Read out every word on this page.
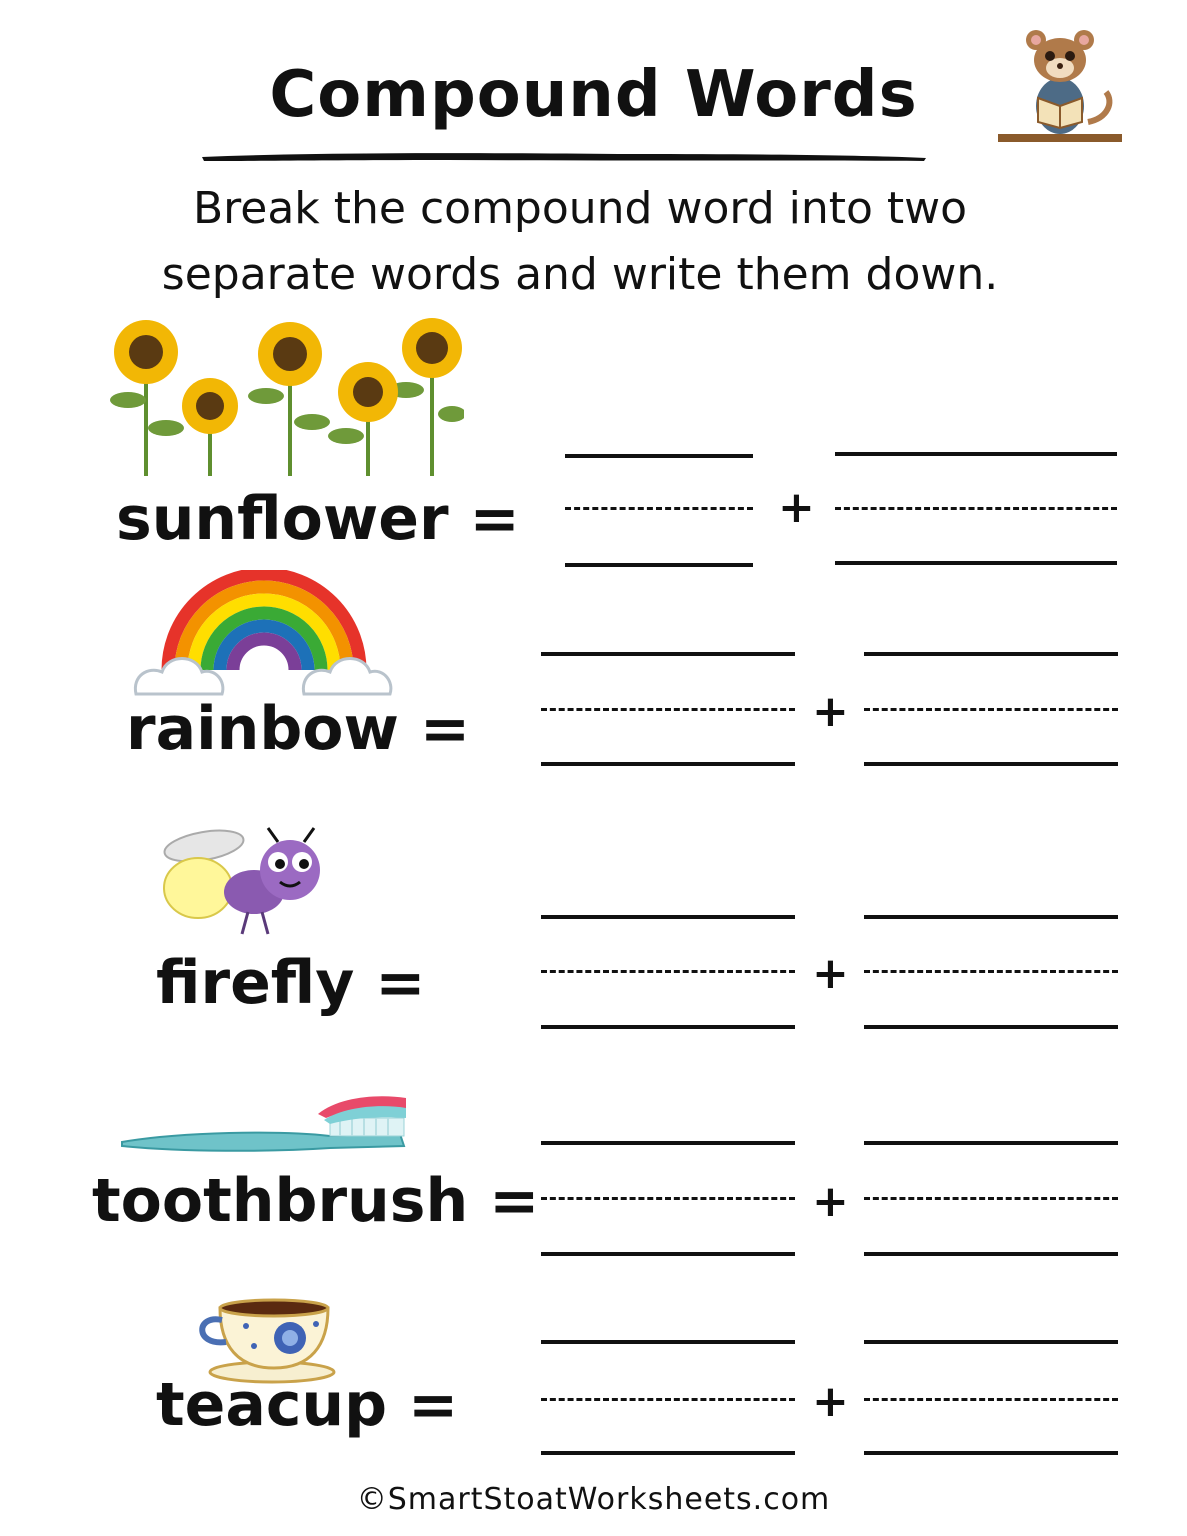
Compound Words
Break the compound word into two
separate words and write them down.
sunflower =	+
rainbow =	+
firefly =	+
toothbrush =	+
teacup =	+
©SmartStoatWorksheets.com
